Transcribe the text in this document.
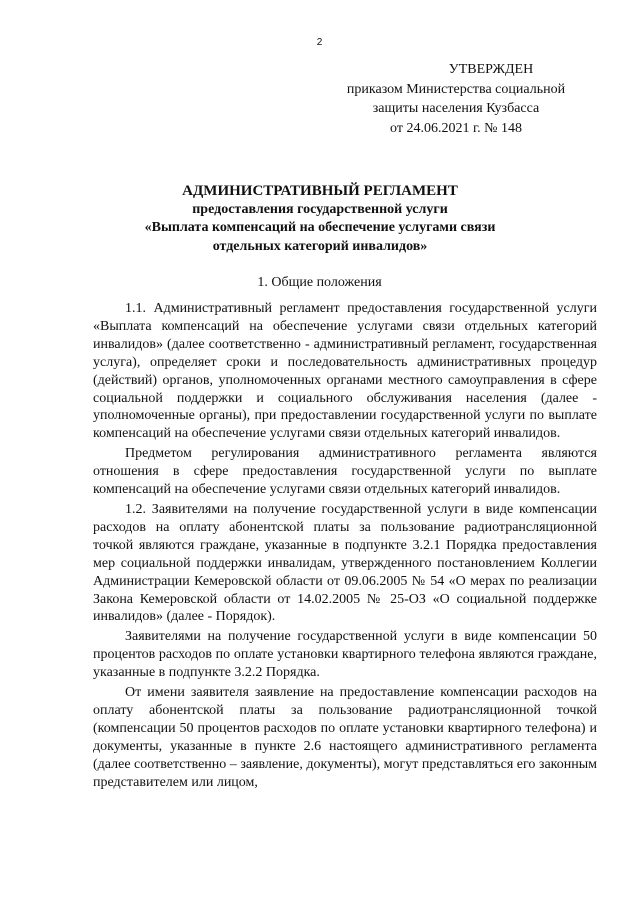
2
УТВЕРЖДЕН
приказом Министерства социальной
защиты населения Кузбасса
от 24.06.2021 г. № 148
АДМИНИСТРАТИВНЫЙ РЕГЛАМЕНТ
предоставления государственной услуги
«Выплата компенсаций на обеспечение услугами связи
отдельных категорий инвалидов»
1. Общие положения

1.1. Административный регламент предоставления государственной услуги «Выплата компенсаций на обеспечение услугами связи отдельных категорий инвалидов» (далее соответственно - административный регламент, государственная услуга), определяет сроки и последовательность административных процедур (действий) органов, уполномоченных органами местного самоуправления в сфере социальной поддержки и социального обслуживания населения (далее - уполномоченные органы), при предоставлении государственной услуги по выплате компенсаций на обеспечение услугами связи отдельных категорий инвалидов.

Предметом регулирования административного регламента являются отношения в сфере предоставления государственной услуги по выплате компенсаций на обеспечение услугами связи отдельных категорий инвалидов.

1.2. Заявителями на получение государственной услуги в виде компенсации расходов на оплату абонентской платы за пользование радиотрансляционной точкой являются граждане, указанные в подпункте 3.2.1 Порядка предоставления мер социальной поддержки инвалидам, утвержденного постановлением Коллегии Администрации Кемеровской области от 09.06.2005 № 54 «О мерах по реализации Закона Кемеровской области от 14.02.2005 № 25-ОЗ «О социальной поддержке инвалидов» (далее - Порядок).

Заявителями на получение государственной услуги в виде компенсации 50 процентов расходов по оплате установки квартирного телефона являются граждане, указанные в подпункте 3.2.2 Порядка.

От имени заявителя заявление на предоставление компенсации расходов на оплату абонентской платы за пользование радиотрансляционной точкой (компенсации 50 процентов расходов по оплате установки квартирного телефона) и документы, указанные в пункте 2.6 настоящего административного регламента (далее соответственно – заявление, документы), могут представляться его законным представителем или лицом,
